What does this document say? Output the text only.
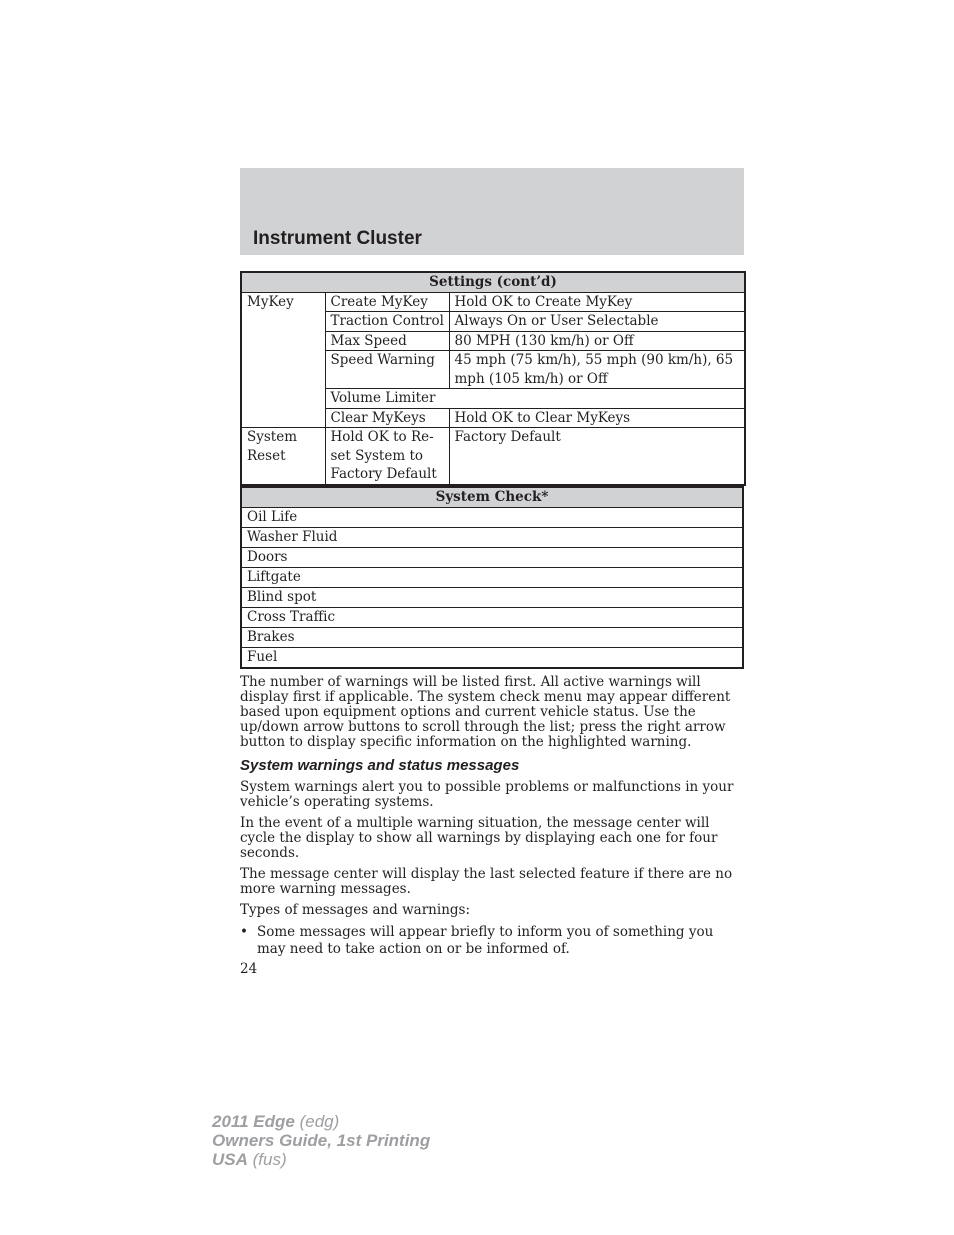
Instrument Cluster
Settings (cont’d)		
MyKey	Create MyKey	Hold OK to Create MyKey
	Traction Control	Always On or User Selectable
	Max Speed	80 MPH (130 km/h) or Off
	Speed Warning	45 mph (75 km/h), 55 mph (90 km/h), 65 mph (105 km/h) or Off
	Volume Limiter	
	Clear MyKeys	Hold OK to Clear MyKeys
System Reset	Hold OK to Re-set System to Factory Default	Factory Default
System Check*
Oil Life
Washer Fluid
Doors
Liftgate
Blind spot
Cross Traffic
Brakes
Fuel

The number of warnings will be listed first. All active warnings will display first if applicable. The system check menu may appear different based upon equipment options and current vehicle status. Use the up/down arrow buttons to scroll through the list; press the right arrow button to display specific information on the highlighted warning.

System warnings and status messages

System warnings alert you to possible problems or malfunctions in your vehicle’s operating systems.

In the event of a multiple warning situation, the message center will cycle the display to show all warnings by displaying each one for four seconds.

The message center will display the last selected feature if there are no more warning messages.

Types of messages and warnings:

• Some messages will appear briefly to inform you of something you may need to take action on or be informed of.
24
2011 Edge (edg)
Owners Guide, 1st Printing
USA (fus)
